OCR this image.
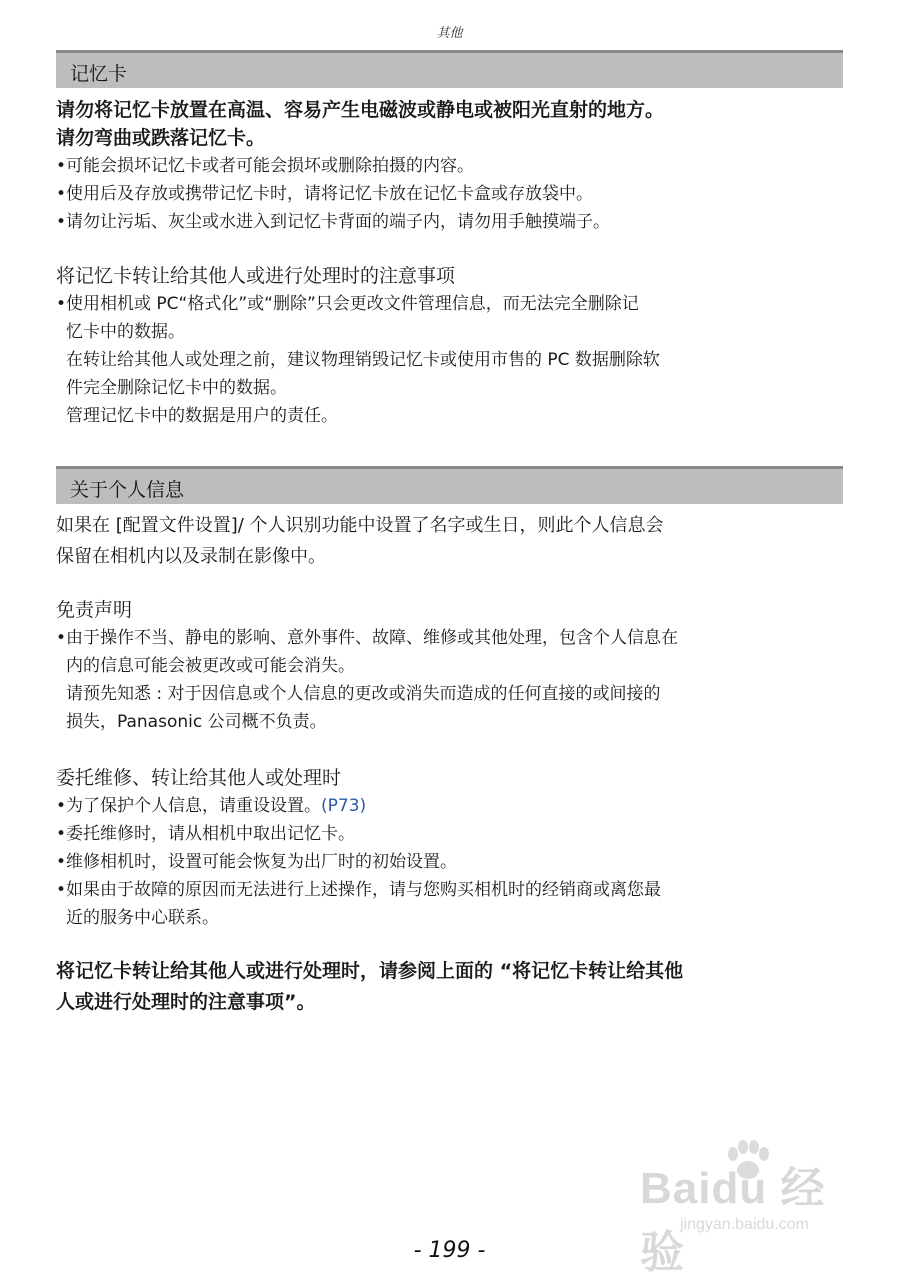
其他
记忆卡
请勿将记忆卡放置在高温、容易产生电磁波或静电或被阳光直射的地方。
请勿弯曲或跌落记忆卡。
• 可能会损坏记忆卡或者可能会损坏或删除拍摄的内容。
• 使用后及存放或携带记忆卡时，请将记忆卡放在记忆卡盒或存放袋中。
• 请勿让污垢、灰尘或水进入到记忆卡背面的端子内，请勿用手触摸端子。
将记忆卡转让给其他人或进行处理时的注意事项
• 使用相机或 PC“格式化”或“删除”只会更改文件管理信息，而无法完全删除记
忆卡中的数据。
在转让给其他人或处理之前，建议物理销毁记忆卡或使用市售的 PC 数据删除软
件完全删除记忆卡中的数据。
管理记忆卡中的数据是用户的责任。
关于个人信息
如果在 [配置文件设置]/ 个人识别功能中设置了名字或生日，则此个人信息会
保留在相机内以及录制在影像中。
免责声明
• 由于操作不当、静电的影响、意外事件、故障、维修或其他处理，包含个人信息在
内的信息可能会被更改或可能会消失。
请预先知悉 : 对于因信息或个人信息的更改或消失而造成的任何直接的或间接的
损失，Panasonic 公司概不负责。
委托维修、转让给其他人或处理时
• 为了保护个人信息，请重设设置。(P73)
• 委托维修时，请从相机中取出记忆卡。
• 维修相机时，设置可能会恢复为出厂时的初始设置。
• 如果由于故障的原因而无法进行上述操作，请与您购买相机时的经销商或离您最
近的服务中心联系。
将记忆卡转让给其他人或进行处理时，请参阅上面的 “将记忆卡转让给其他
人或进行处理时的注意事项”。
Baidu 经验
jingyan.baidu.com
- 199 -
